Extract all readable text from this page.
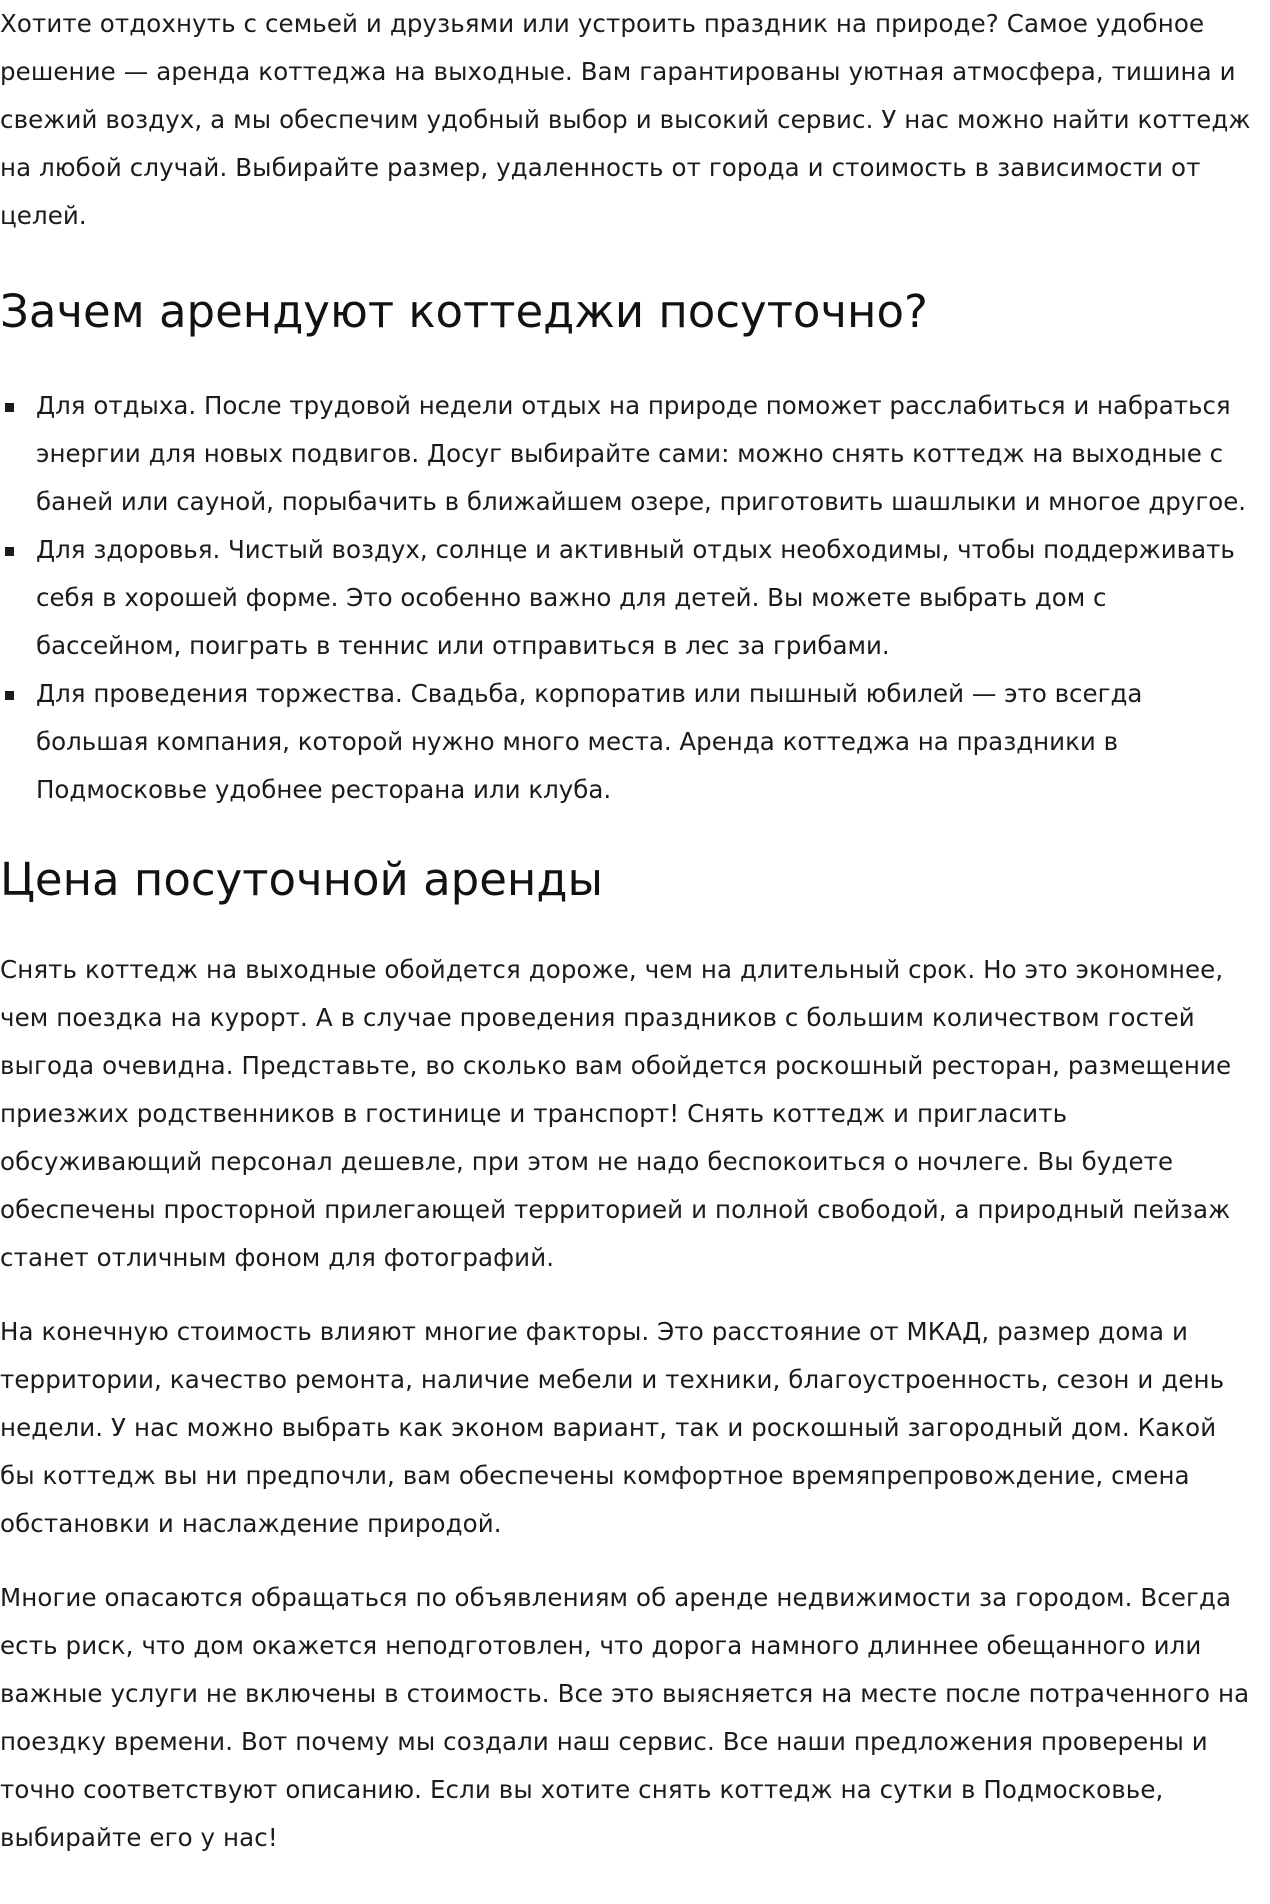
Хотите отдохнуть с семьей и друзьями или устроить праздник на природе? Самое удобное решение — аренда коттеджа на выходные. Вам гарантированы уютная атмосфера, тишина и свежий воздух, а мы обеспечим удобный выбор и высокий сервис. У нас можно найти коттедж на любой случай. Выбирайте размер, удаленность от города и стоимость в зависимости от целей.

Зачем арендуют коттеджи посуточно?
Для отдыха. После трудовой недели отдых на природе поможет расслабиться и набраться энергии для новых подвигов. Досуг выбирайте сами: можно снять коттедж на выходные с баней или сауной, порыбачить в ближайшем озере, приготовить шашлыки и многое другое.
Для здоровья. Чистый воздух, солнце и активный отдых необходимы, чтобы поддерживать себя в хорошей форме. Это особенно важно для детей. Вы можете выбрать дом с бассейном, поиграть в теннис или отправиться в лес за грибами.
Для проведения торжества. Свадьба, корпоратив или пышный юбилей — это всегда большая компания, которой нужно много места. Аренда коттеджа на праздники в Подмосковье удобнее ресторана или клуба.
Цена посуточной аренды

Снять коттедж на выходные обойдется дороже, чем на длительный срок. Но это экономнее, чем поездка на курорт. А в случае проведения праздников с большим количеством гостей выгода очевидна. Представьте, во сколько вам обойдется роскошный ресторан, размещение приезжих родственников в гостинице и транспорт! Снять коттедж и пригласить обсуживающий персонал дешевле, при этом не надо беспокоиться о ночлеге. Вы будете обеспечены просторной прилегающей территорией и полной свободой, а природный пейзаж станет отличным фоном для фотографий.

На конечную стоимость влияют многие факторы. Это расстояние от МКАД, размер дома и территории, качество ремонта, наличие мебели и техники, благоустроенность, сезон и день недели. У нас можно выбрать как эконом вариант, так и роскошный загородный дом. Какой бы коттедж вы ни предпочли, вам обеспечены комфортное времяпрепровождение, смена обстановки и наслаждение природой.

Многие опасаются обращаться по объявлениям об аренде недвижимости за городом. Всегда есть риск, что дом окажется неподготовлен, что дорога намного длиннее обещанного или важные услуги не включены в стоимость. Все это выясняется на месте после потраченного на поездку времени. Вот почему мы создали наш сервис. Все наши предложения проверены и точно соответствуют описанию. Если вы хотите снять коттедж на сутки в Подмосковье, выбирайте его у нас!
